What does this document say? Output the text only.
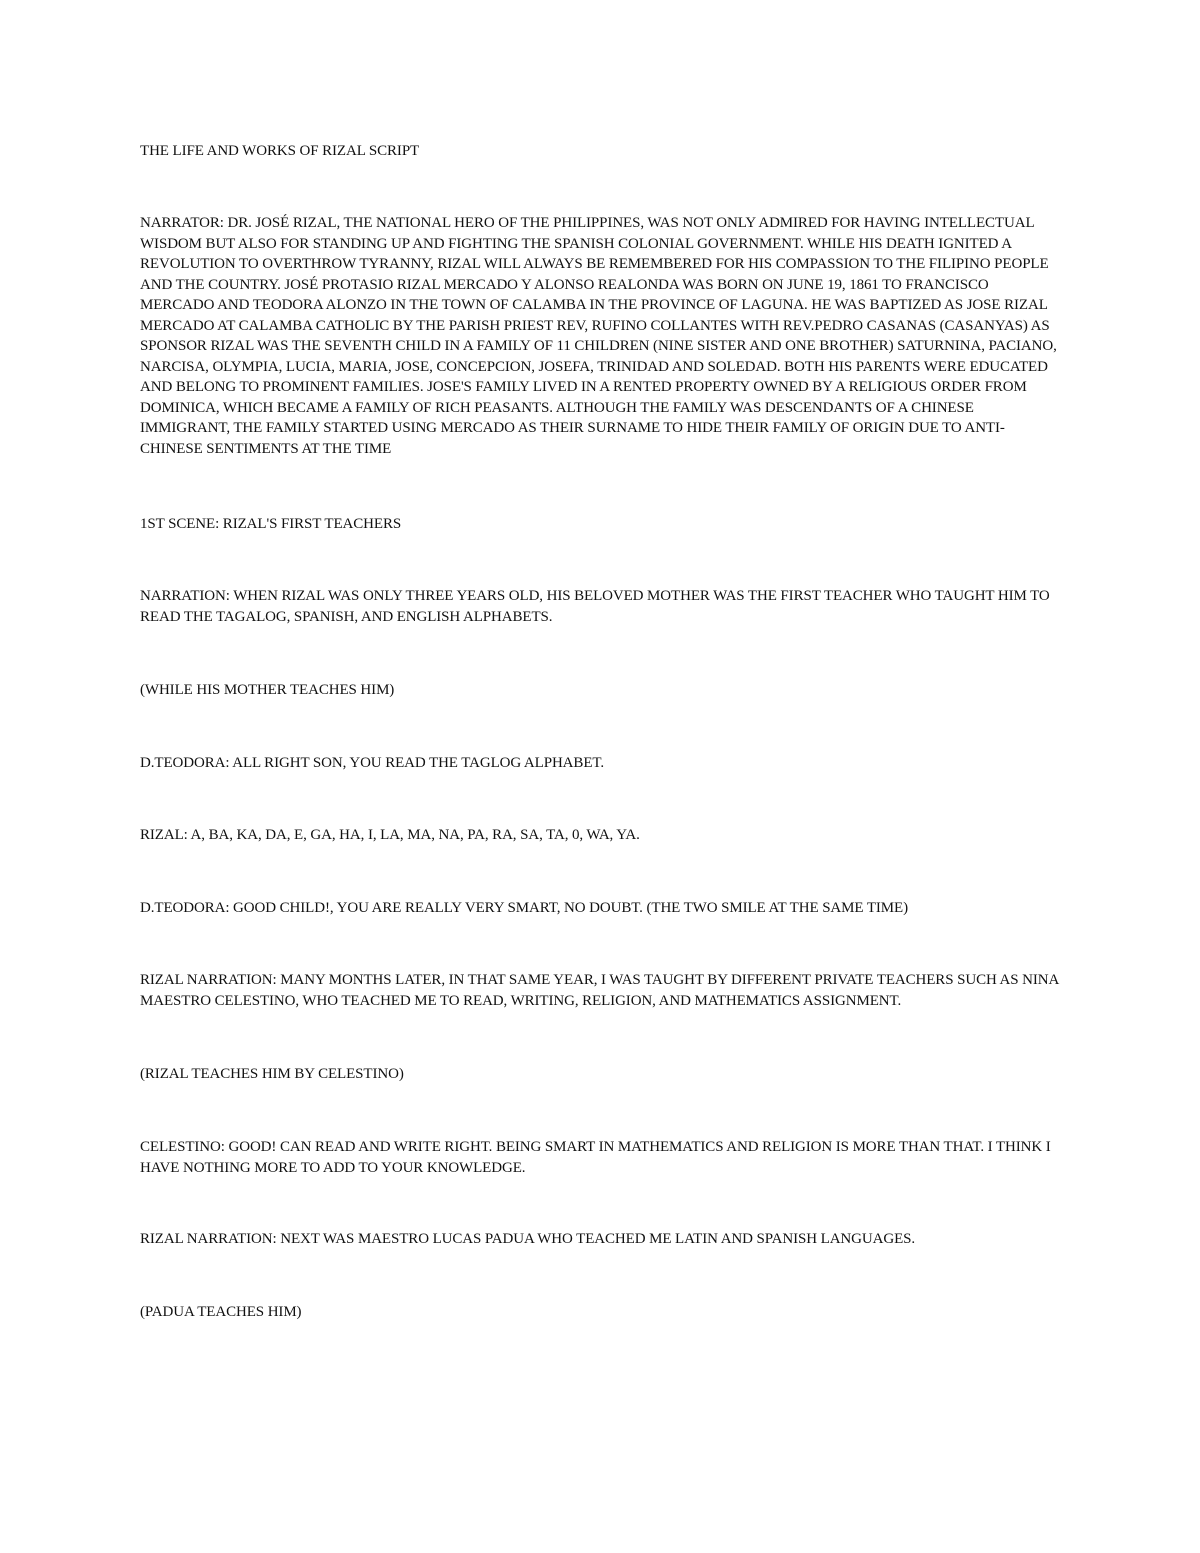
THE LIFE AND WORKS OF RIZAL SCRIPT

NARRATOR: DR. JOSÉ RIZAL, THE NATIONAL HERO OF THE PHILIPPINES, WAS NOT ONLY ADMIRED FOR HAVING INTELLECTUAL WISDOM BUT ALSO FOR STANDING UP AND FIGHTING THE SPANISH COLONIAL GOVERNMENT. WHILE HIS DEATH IGNITED A REVOLUTION TO OVERTHROW TYRANNY, RIZAL WILL ALWAYS BE REMEMBERED FOR HIS COMPASSION TO THE FILIPINO PEOPLE AND THE COUNTRY. JOSÉ PROTASIO RIZAL MERCADO Y ALONSO REALONDA WAS BORN ON JUNE 19, 1861 TO FRANCISCO MERCADO AND TEODORA ALONZO IN THE TOWN OF CALAMBA IN THE PROVINCE OF LAGUNA. HE WAS BAPTIZED AS JOSE RIZAL MERCADO AT CALAMBA CATHOLIC BY THE PARISH PRIEST REV, RUFINO COLLANTES WITH REV.PEDRO CASANAS (CASANYAS) AS SPONSOR RIZAL WAS THE SEVENTH CHILD IN A FAMILY OF 11 CHILDREN (NINE SISTER AND ONE BROTHER) SATURNINA, PACIANO, NARCISA, OLYMPIA, LUCIA, MARIA, JOSE, CONCEPCION, JOSEFA, TRINIDAD AND SOLEDAD. BOTH HIS PARENTS WERE EDUCATED AND BELONG TO PROMINENT FAMILIES. JOSE'S FAMILY LIVED IN A RENTED PROPERTY OWNED BY A RELIGIOUS ORDER FROM DOMINICA, WHICH BECAME A FAMILY OF RICH PEASANTS. ALTHOUGH THE FAMILY WAS DESCENDANTS OF A CHINESE IMMIGRANT, THE FAMILY STARTED USING MERCADO AS THEIR SURNAME TO HIDE THEIR FAMILY OF ORIGIN DUE TO ANTI-CHINESE SENTIMENTS AT THE TIME

1ST SCENE: RIZAL'S FIRST TEACHERS

NARRATION: WHEN RIZAL WAS ONLY THREE YEARS OLD, HIS BELOVED MOTHER WAS THE FIRST TEACHER WHO TAUGHT HIM TO READ THE TAGALOG, SPANISH, AND ENGLISH ALPHABETS.

(WHILE HIS MOTHER TEACHES HIM)

D.TEODORA: ALL RIGHT SON, YOU READ THE TAGLOG ALPHABET.

RIZAL: A, BA, KA, DA, E, GA, HA, I, LA, MA, NA, PA, RA, SA, TA, 0, WA, YA.

D.TEODORA: GOOD CHILD!, YOU ARE REALLY VERY SMART, NO DOUBT. (THE TWO SMILE AT THE SAME TIME)

RIZAL NARRATION: MANY MONTHS LATER, IN THAT SAME YEAR, I WAS TAUGHT BY DIFFERENT PRIVATE TEACHERS SUCH AS NINA MAESTRO CELESTINO, WHO TEACHED ME TO READ, WRITING, RELIGION, AND MATHEMATICS ASSIGNMENT.

(RIZAL TEACHES HIM BY CELESTINO)

CELESTINO: GOOD! CAN READ AND WRITE RIGHT. BEING SMART IN MATHEMATICS AND RELIGION IS MORE THAN THAT. I THINK I HAVE NOTHING MORE TO ADD TO YOUR KNOWLEDGE.

RIZAL NARRATION: NEXT WAS MAESTRO LUCAS PADUA WHO TEACHED ME LATIN AND SPANISH LANGUAGES.

(PADUA TEACHES HIM)
